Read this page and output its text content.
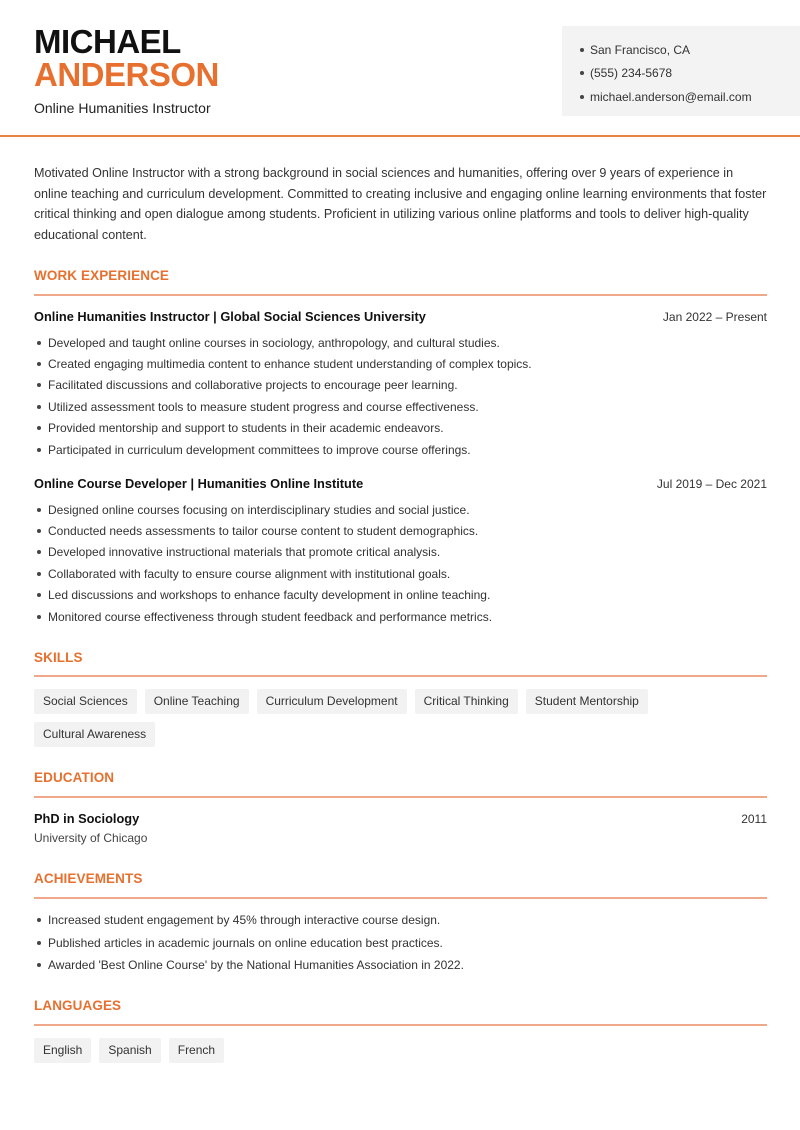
MICHAEL
ANDERSON
Online Humanities Instructor
San Francisco, CA
(555) 234-5678
michael.anderson@email.com

Motivated Online Instructor with a strong background in social sciences and humanities, offering over 9 years of experience in online teaching and curriculum development. Committed to creating inclusive and engaging online learning environments that foster critical thinking and open dialogue among students. Proficient in utilizing various online platforms and tools to deliver high-quality educational content.

WORK EXPERIENCE
Online Humanities Instructor | Global Social Sciences University	Jan 2022 – Present
Developed and taught online courses in sociology, anthropology, and cultural studies.
Created engaging multimedia content to enhance student understanding of complex topics.
Facilitated discussions and collaborative projects to encourage peer learning.
Utilized assessment tools to measure student progress and course effectiveness.
Provided mentorship and support to students in their academic endeavors.
Participated in curriculum development committees to improve course offerings.
Online Course Developer | Humanities Online Institute	Jul 2019 – Dec 2021
Designed online courses focusing on interdisciplinary studies and social justice.
Conducted needs assessments to tailor course content to student demographics.
Developed innovative instructional materials that promote critical analysis.
Collaborated with faculty to ensure course alignment with institutional goals.
Led discussions and workshops to enhance faculty development in online teaching.
Monitored course effectiveness through student feedback and performance metrics.
SKILLS
Social Sciences	Online Teaching	Curriculum Development	Critical Thinking	Student Mentorship
Cultural Awareness
EDUCATION
PhD in Sociology	2011
University of Chicago
ACHIEVEMENTS
Increased student engagement by 45% through interactive course design.
Published articles in academic journals on online education best practices.
Awarded 'Best Online Course' by the National Humanities Association in 2022.
LANGUAGES
English	Spanish	French
